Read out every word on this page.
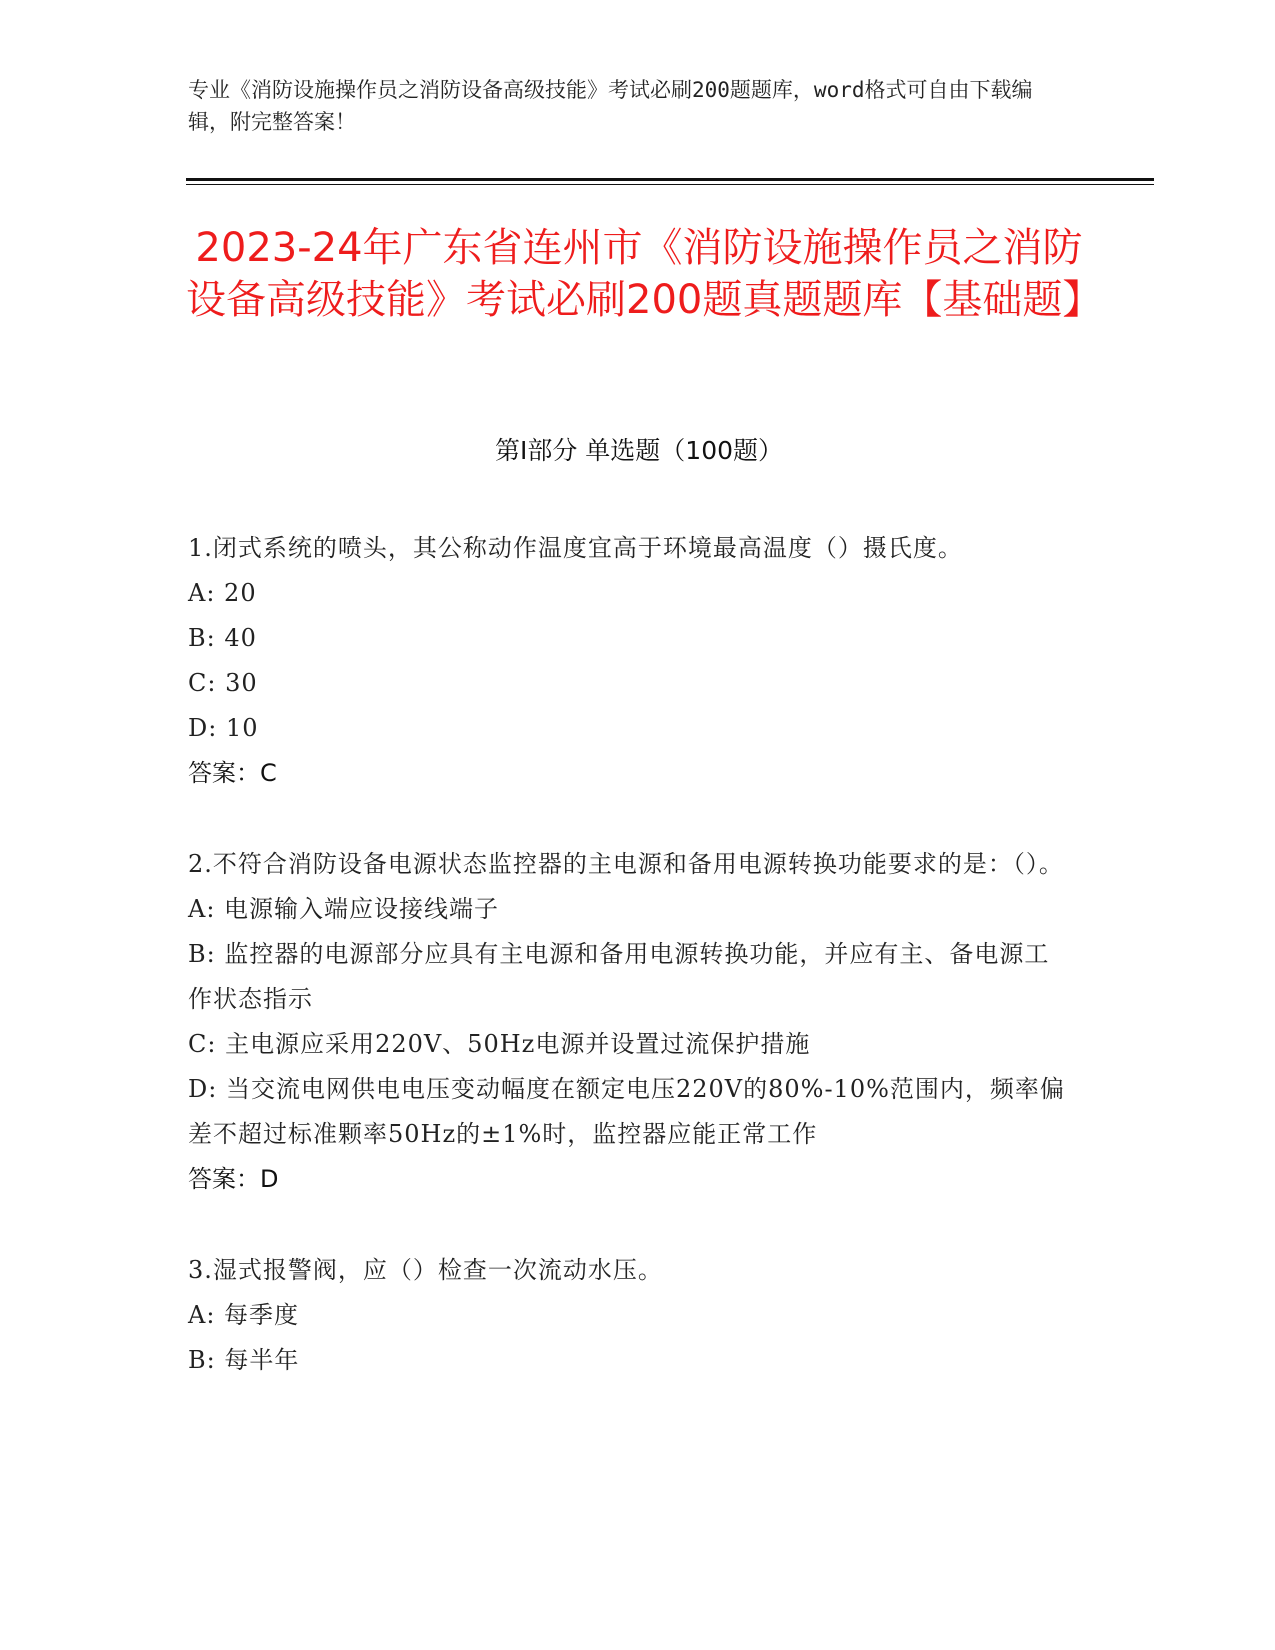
专业《消防设施操作员之消防设备高级技能》考试必刷200题题库，word格式可自由下载编辑，附完整答案！
2023-24年广东省连州市《消防设施操作员之消防设备高级技能》考试必刷200题真题题库【基础题】
第I部分 单选题（100题）

1.闭式系统的喷头，其公称动作温度宜高于环境最高温度（）摄氏度。

A: 20

B: 40

C: 30

D: 10

答案：C

2.不符合消防设备电源状态监控器的主电源和备用电源转换功能要求的是：（）。

A: 电源输入端应设接线端子

B: 监控器的电源部分应具有主电源和备用电源转换功能，并应有主、备电源工作状态指示

C: 主电源应采用220V、50Hz电源并设置过流保护措施

D: 当交流电网供电电压变动幅度在额定电压220V的80%-10%范围内，频率偏差不超过标准颗率50Hz的±1%时，监控器应能正常工作

答案：D

3.湿式报警阀，应（）检查一次流动水压。

A: 每季度

B: 每半年
